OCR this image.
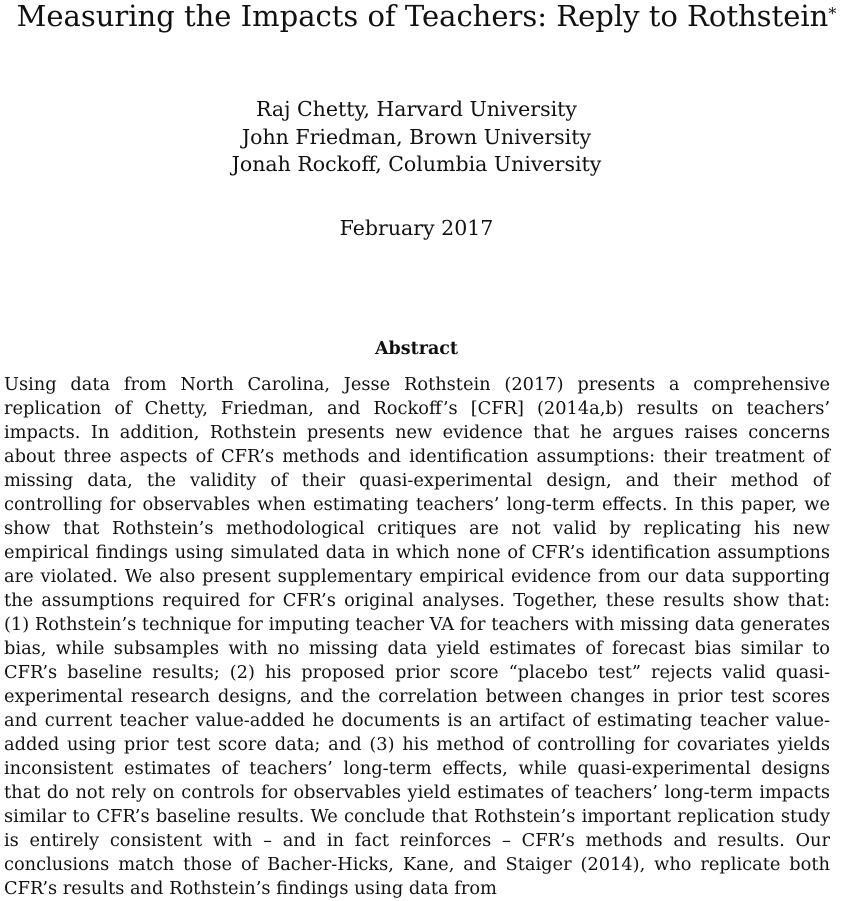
Measuring the Impacts of Teachers: Reply to Rothstein*
Raj Chetty, Harvard University
John Friedman, Brown University
Jonah Rockoff, Columbia University
February 2017
Abstract

Using data from North Carolina, Jesse Rothstein (2017) presents a comprehensive replication of Chetty, Friedman, and Rockoff’s [CFR] (2014a,b) results on teachers’ impacts. In addition, Rothstein presents new evidence that he argues raises concerns about three aspects of CFR’s methods and identification assumptions: their treatment of missing data, the validity of their quasi-experimental design, and their method of controlling for observables when estimating teachers’ long-term effects. In this paper, we show that Rothstein’s methodological critiques are not valid by replicating his new empirical findings using simulated data in which none of CFR’s identification assumptions are violated. We also present supplementary empirical evidence from our data supporting the assumptions required for CFR’s original analyses. Together, these results show that: (1) Rothstein’s technique for imputing teacher VA for teachers with missing data generates bias, while subsamples with no missing data yield estimates of forecast bias similar to CFR’s baseline results; (2) his proposed prior score “placebo test” rejects valid quasi-experimental research designs, and the correlation between changes in prior test scores and current teacher value-added he documents is an artifact of estimating teacher value-added using prior test score data; and (3) his method of controlling for covariates yields inconsistent estimates of teachers’ long-term effects, while quasi-experimental designs that do not rely on controls for observables yield estimates of teachers’ long-term impacts similar to CFR’s baseline results. We conclude that Rothstein’s important replication study is entirely consistent with – and in fact reinforces – CFR’s methods and results. Our conclusions match those of Bacher-Hicks, Kane, and Staiger (2014), who replicate both CFR’s results and Rothstein’s findings using data from
